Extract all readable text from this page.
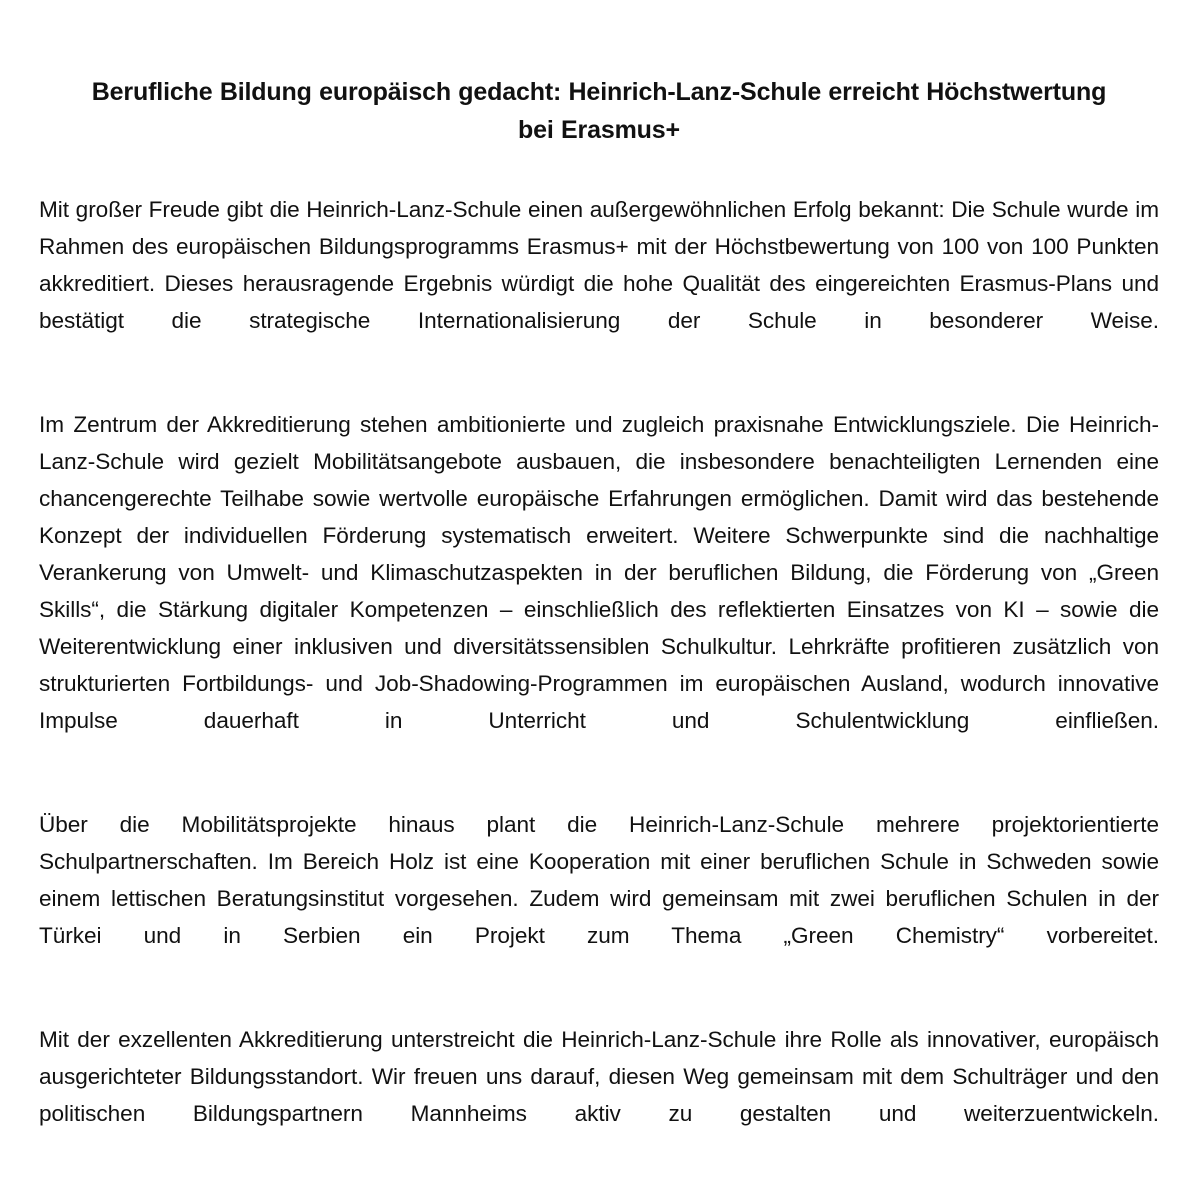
Berufliche Bildung europäisch gedacht: Heinrich-Lanz-Schule erreicht Höchstwertung
bei Erasmus+

Mit großer Freude gibt die Heinrich-Lanz-Schule einen außergewöhnlichen Erfolg bekannt: Die Schule wurde im Rahmen des europäischen Bildungsprogramms Erasmus+ mit der Höchstbewertung von 100 von 100 Punkten akkreditiert. Dieses herausragende Ergebnis würdigt die hohe Qualität des eingereichten Erasmus-Plans und bestätigt die strategische Internationalisierung der Schule in besonderer Weise.

Im Zentrum der Akkreditierung stehen ambitionierte und zugleich praxisnahe Entwicklungsziele. Die Heinrich-Lanz-Schule wird gezielt Mobilitätsangebote ausbauen, die insbesondere benachteiligten Lernenden eine chancengerechte Teilhabe sowie wertvolle europäische Erfahrungen ermöglichen. Damit wird das bestehende Konzept der individuellen Förderung systematisch erweitert. Weitere Schwerpunkte sind die nachhaltige Verankerung von Umwelt- und Klimaschutzaspekten in der beruflichen Bildung, die Förderung von „Green Skills“, die Stärkung digitaler Kompetenzen – einschließlich des reflektierten Einsatzes von KI – sowie die Weiterentwicklung einer inklusiven und diversitätssensiblen Schulkultur. Lehrkräfte profitieren zusätzlich von strukturierten Fortbildungs- und Job-Shadowing-Programmen im europäischen Ausland, wodurch innovative Impulse dauerhaft in Unterricht und Schulentwicklung einfließen.

Über die Mobilitätsprojekte hinaus plant die Heinrich-Lanz-Schule mehrere projektorientierte Schulpartnerschaften. Im Bereich Holz ist eine Kooperation mit einer beruflichen Schule in Schweden sowie einem lettischen Beratungsinstitut vorgesehen. Zudem wird gemeinsam mit zwei beruflichen Schulen in der Türkei und in Serbien ein Projekt zum Thema „Green Chemistry“ vorbereitet.

Mit der exzellenten Akkreditierung unterstreicht die Heinrich-Lanz-Schule ihre Rolle als innovativer, europäisch ausgerichteter Bildungsstandort. Wir freuen uns darauf, diesen Weg gemeinsam mit dem Schulträger und den politischen Bildungspartnern Mannheims aktiv zu gestalten und weiterzuentwickeln.
